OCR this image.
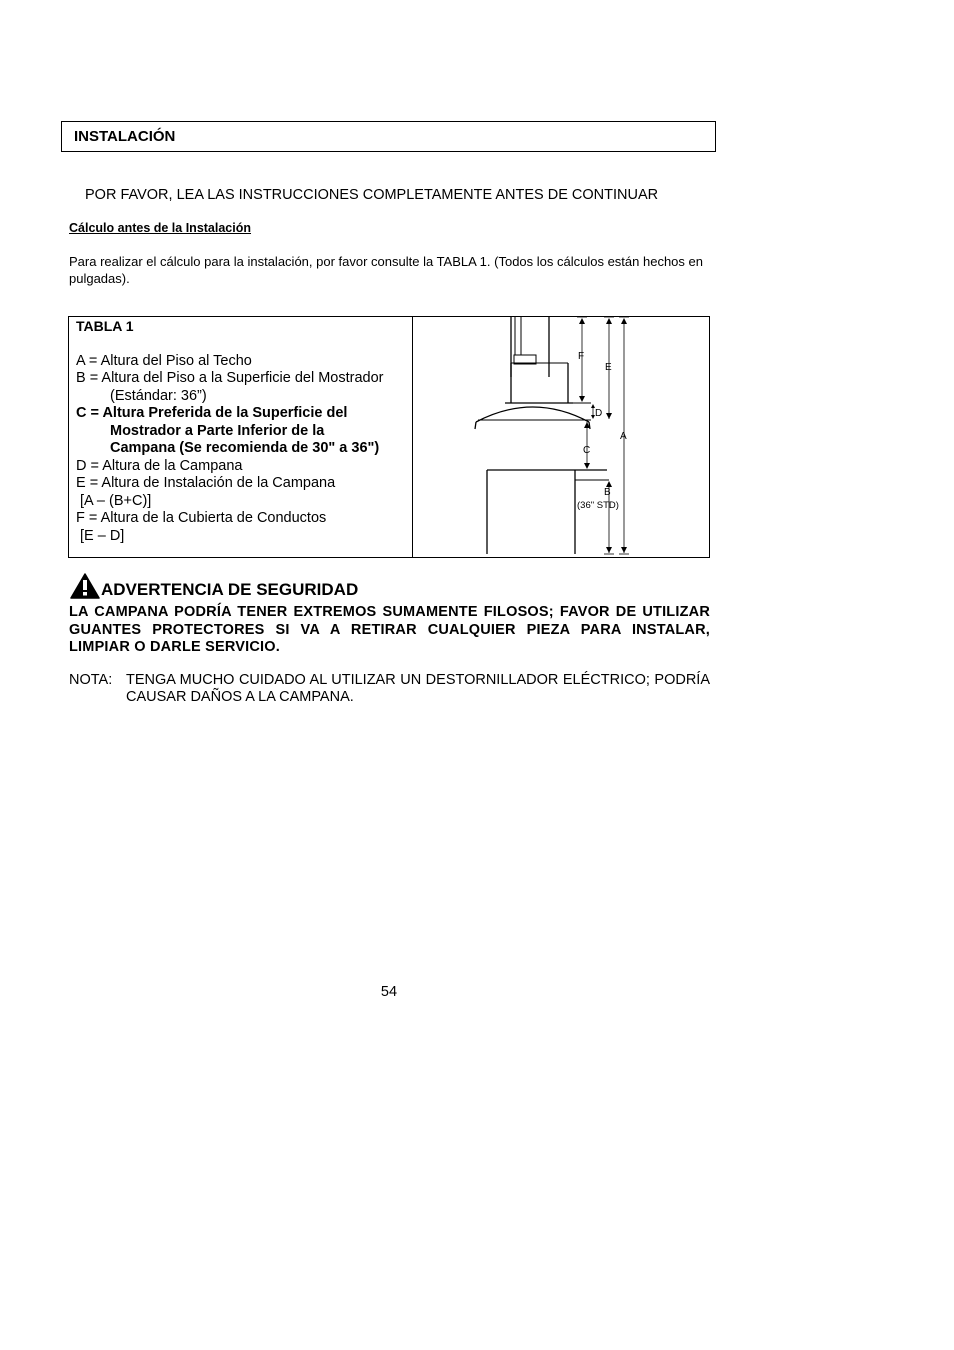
INSTALACIÓN
POR FAVOR, LEA LAS INSTRUCCIONES COMPLETAMENTE ANTES DE CONTINUAR
Cálculo antes de la Instalación
Para realizar el cálculo para la instalación, por favor consulte la TABLA 1. (Todos los cálculos están hechos en pulgadas).
TABLA 1
A = Altura del Piso al Techo
B = Altura del Piso a la Superficie del Mostrador
(Estándar: 36”)
C = Altura Preferida de la Superficie del
Mostrador a Parte Inferior de la
Campana (Se recomienda de 30" a 36")
D = Altura de la Campana
E = Altura de Instalación de la Campana
[A – (B+C)]
F = Altura de la Cubierta de Conductos
[E – D]
F
E
D
A
C
B
(36" STD)
ADVERTENCIA DE SEGURIDAD
LA CAMPANA PODRÍA TENER EXTREMOS SUMAMENTE FILOSOS; FAVOR DE UTILIZAR GUANTES PROTECTORES SI VA A RETIRAR CUALQUIER PIEZA PARA INSTALAR, LIMPIAR O DARLE SERVICIO.
NOTA: TENGA MUCHO CUIDADO AL UTILIZAR UN DESTORNILLADOR ELÉCTRICO; PODRÍA CAUSAR DAÑOS A LA CAMPANA.
54
